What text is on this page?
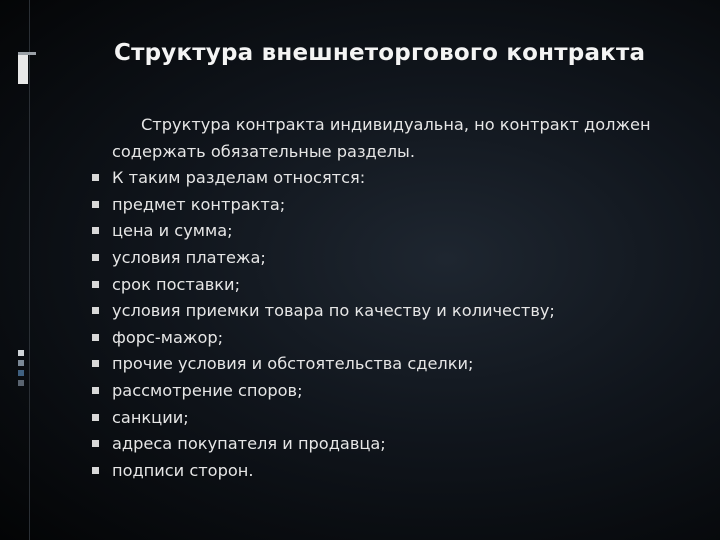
Структура внешнеторгового контракта

Структура контракта индивидуальна, но контракт должен
содержать обязательные разделы.

К таким разделам относятся:
предмет контракта;
цена и сумма;
условия платежа;
срок поставки;
условия приемки товара по качеству и количеству;
форс-мажор;
прочие условия и обстоятельства сделки;
рассмотрение споров;
санкции;
адреса покупателя и продавца;
подписи сторон.
